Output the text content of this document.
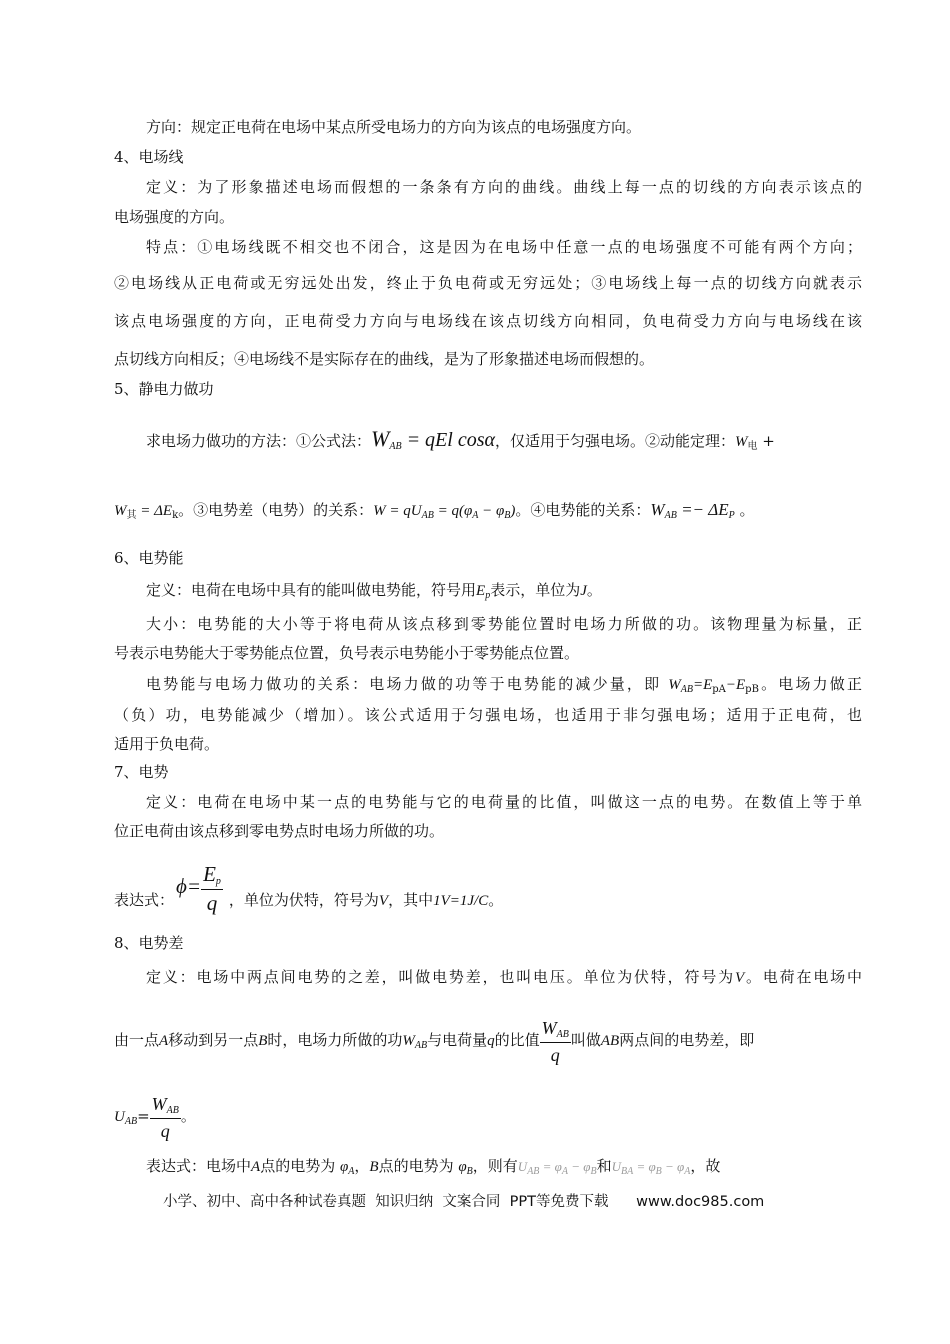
方向：规定正电荷在电场中某点所受电场力的方向为该点的电场强度方向。
4、电场线
定义：为了形象描述电场而假想的一条条有方向的曲线。曲线上每一点的切线的方向表示该点的
电场强度的方向。
特点：①电场线既不相交也不闭合，这是因为在电场中任意一点的电场强度不可能有两个方向；
②电场线从正电荷或无穷远处出发，终止于负电荷或无穷远处；③电场线上每一点的切线方向就表示
该点电场强度的方向，正电荷受力方向与电场线在该点切线方向相同，负电荷受力方向与电场线在该
点切线方向相反；④电场线不是实际存在的曲线，是为了形象描述电场而假想的。
5、静电力做功
求电场力做功的方法：①公式法：$W_{AB}$ = qEl cosα，仅适用于匀强电场。②动能定理：$W_电$ +
$W_其 = \Delta E_k$。③电势差（电势）的关系：$W = qU_{AB} = q(\varphi_A - \varphi_B)$。④电势能的关系：$W_{AB} =- \Delta E_P$ 。
6、电势能
定义：电荷在电场中具有的能叫做电势能，符号用$E_p$表示，单位为J。
大小：电势能的大小等于将电荷从该点移到零势能位置时电场力所做的功。该物理量为标量，正
号表示电势能大于零势能点位置，负号表示电势能小于零势能点位置。
电势能与电场力做功的关系：电场力做的功等于电势能的减少量，即 $W_{AB}=E_{pA}-E_{pB}$。电场力做正
（负）功，电势能减少（增加）。该公式适用于匀强电场，也适用于非匀强电场；适用于正电荷，也
适用于负电荷。
7、电势
定义：电荷在电场中某一点的电势能与它的电荷量的比值，叫做这一点的电势。在数值上等于单
位正电荷由该点移到零电势点时电场力所做的功。
表达式：$\phi= \frac{E_p}{q}$ ，单位为伏特，符号为V，其中1V=1J/C。
8、电势差
定义：电场中两点间电势的之差，叫做电势差，也叫电压。单位为伏特，符号为V。电荷在电场中
由一点A移动到另一点B时，电场力所做的功$W_{AB}$与电荷量q的比值 $\frac{W_{AB}}{q}$ 叫做AB两点间的电势差，即
$U_{AB}= \frac{W_{AB}}{q}$ 。
表达式：电场中A点的电势为 $\varphi_A$，B点的电势为 $\varphi_B$，则有$U_{AB} = \varphi_A - \varphi_B$和$U_{BA} = \varphi_B - \varphi_A$，故
小学、初中、高中各种试卷真题  知识归纳  文案合同  PPT等免费下载      www.doc985.com
